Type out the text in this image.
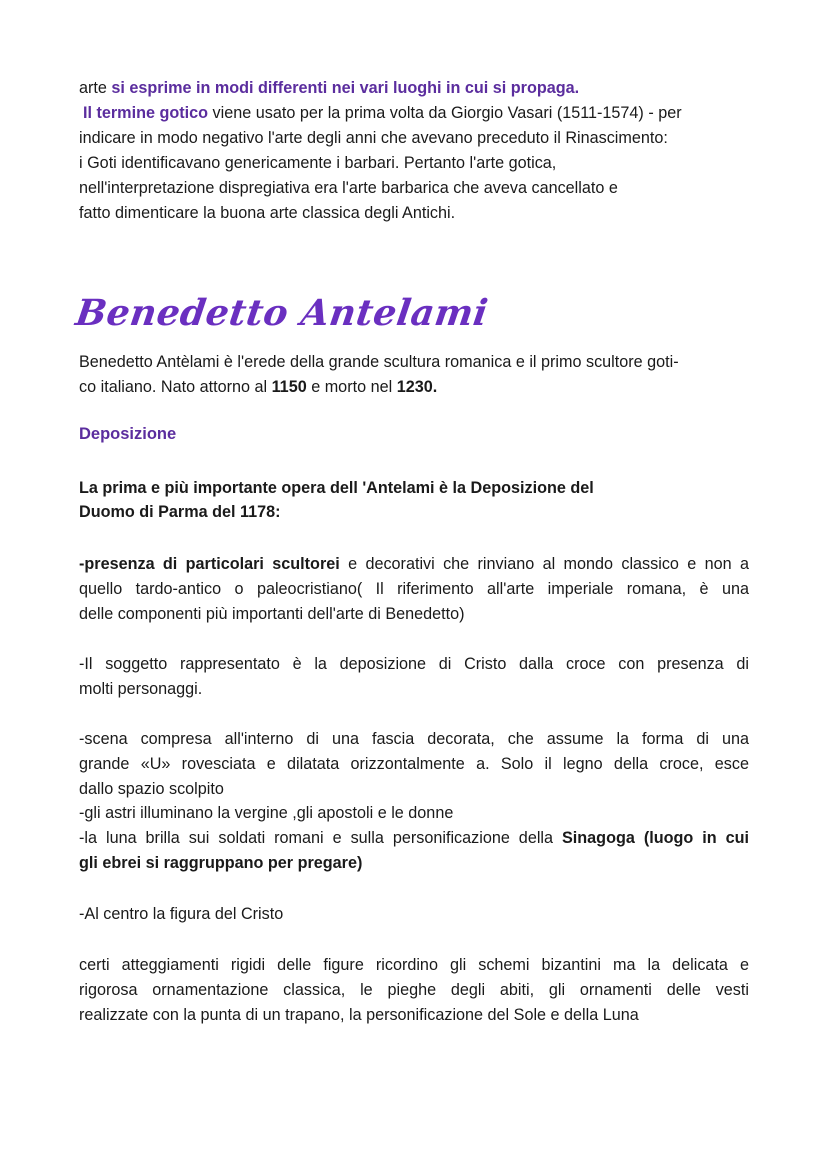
arte si esprime in modi differenti nei vari luoghi in cui si propaga.
Il termine gotico viene usato per la prima volta da Giorgio Vasari (1511-1574) - per
indicare in modo negativo l'arte degli anni che avevano preceduto il Rinascimento:
i Goti identificavano genericamente i barbari. Pertanto l'arte gotica,
nell'interpretazione dispregiativa era l'arte barbarica che aveva cancellato e
fatto dimenticare la buona arte classica degli Antichi.
Benedetto Antelami
Benedetto Antèlami è l'erede della grande scultura romanica e il primo scultore goti-
co italiano. Nato attorno al 1150 e morto nel 1230.
Deposizione
La prima e più importante opera dell 'Antelami è la Deposizione del
Duomo di Parma del 1178:
-presenza di particolari scultorei e decorativi che rinviano al mondo classico e non a
quello tardo-antico o paleocristiano( Il riferimento all'arte imperiale romana, è una
delle componenti più importanti dell'arte di Benedetto)
-Il soggetto rappresentato è la deposizione di Cristo dalla croce con presenza di
molti personaggi.
-scena compresa all'interno di una fascia decorata, che assume la forma di una
grande «U» rovesciata e dilatata orizzontalmente a. Solo il legno della croce, esce
dallo spazio scolpito
-gli astri illuminano la vergine ,gli apostoli e le donne
-la luna brilla sui soldati romani e sulla personificazione della Sinagoga (luogo in cui
gli ebrei si raggruppano per pregare)
-Al centro la figura del Cristo
certi atteggiamenti rigidi delle figure ricordino gli schemi bizantini ma la delicata e
rigorosa ornamentazione classica, le pieghe degli abiti, gli ornamenti delle vesti
realizzate con la punta di un trapano, la personificazione del Sole e della Luna
